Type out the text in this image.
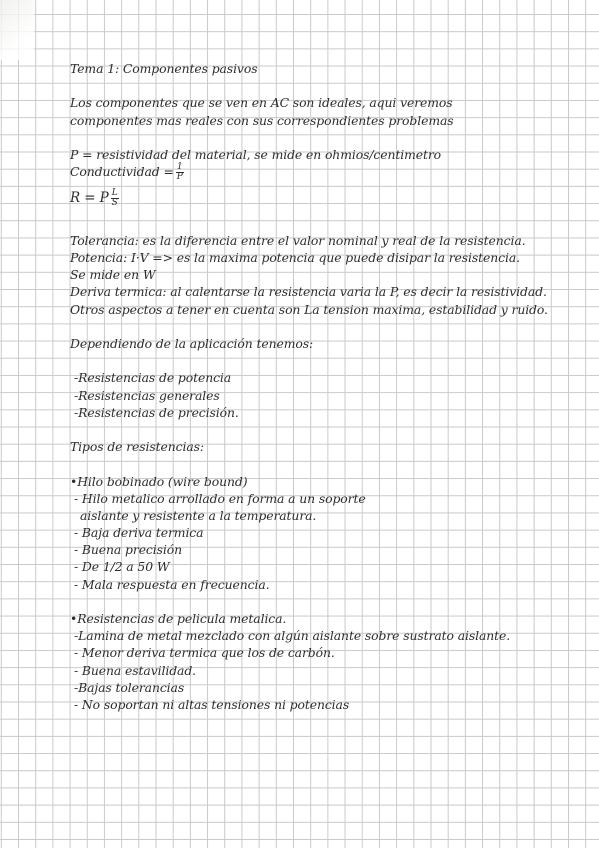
Tema 1: Componentes pasivos
Los componentes que se ven en AC son ideales, aqui veremos
componentes mas reales con sus correspondientes problemas
P = resistividad del material, se mide en ohmios/centimetro
Conductividad = $\frac{1}{P}$
R = P $\frac{L}{S}$
Tolerancia: es la diferencia entre el valor nominal y real de la resistencia.
Potencia: I·V => es la maxima potencia que puede disipar la resistencia.
Se mide en W
Deriva termica: al calentarse la resistencia varia la P, es decir la resistividad.
Otros aspectos a tener en cuenta son La tension maxima, estabilidad y ruido.
Dependiendo de la aplicación tenemos:
-Resistencias de potencia
-Resistencias generales
-Resistencias de precisión.
Tipos de resistencias:
•Hilo bobinado (wire bound)
- Hilo metalico arrollado en forma a un soporte
aislante y resistente a la temperatura.
- Baja deriva termica
- Buena precisión
- De 1/2 a 50 W
- Mala respuesta en frecuencia.
•Resistencias de pelicula metalica.
-Lamina de metal mezclado con algún aislante sobre sustrato aislante.
- Menor deriva termica que los de carbón.
- Buena estavilidad.
-Bajas tolerancias
- No soportan ni altas tensiones ni potencias
